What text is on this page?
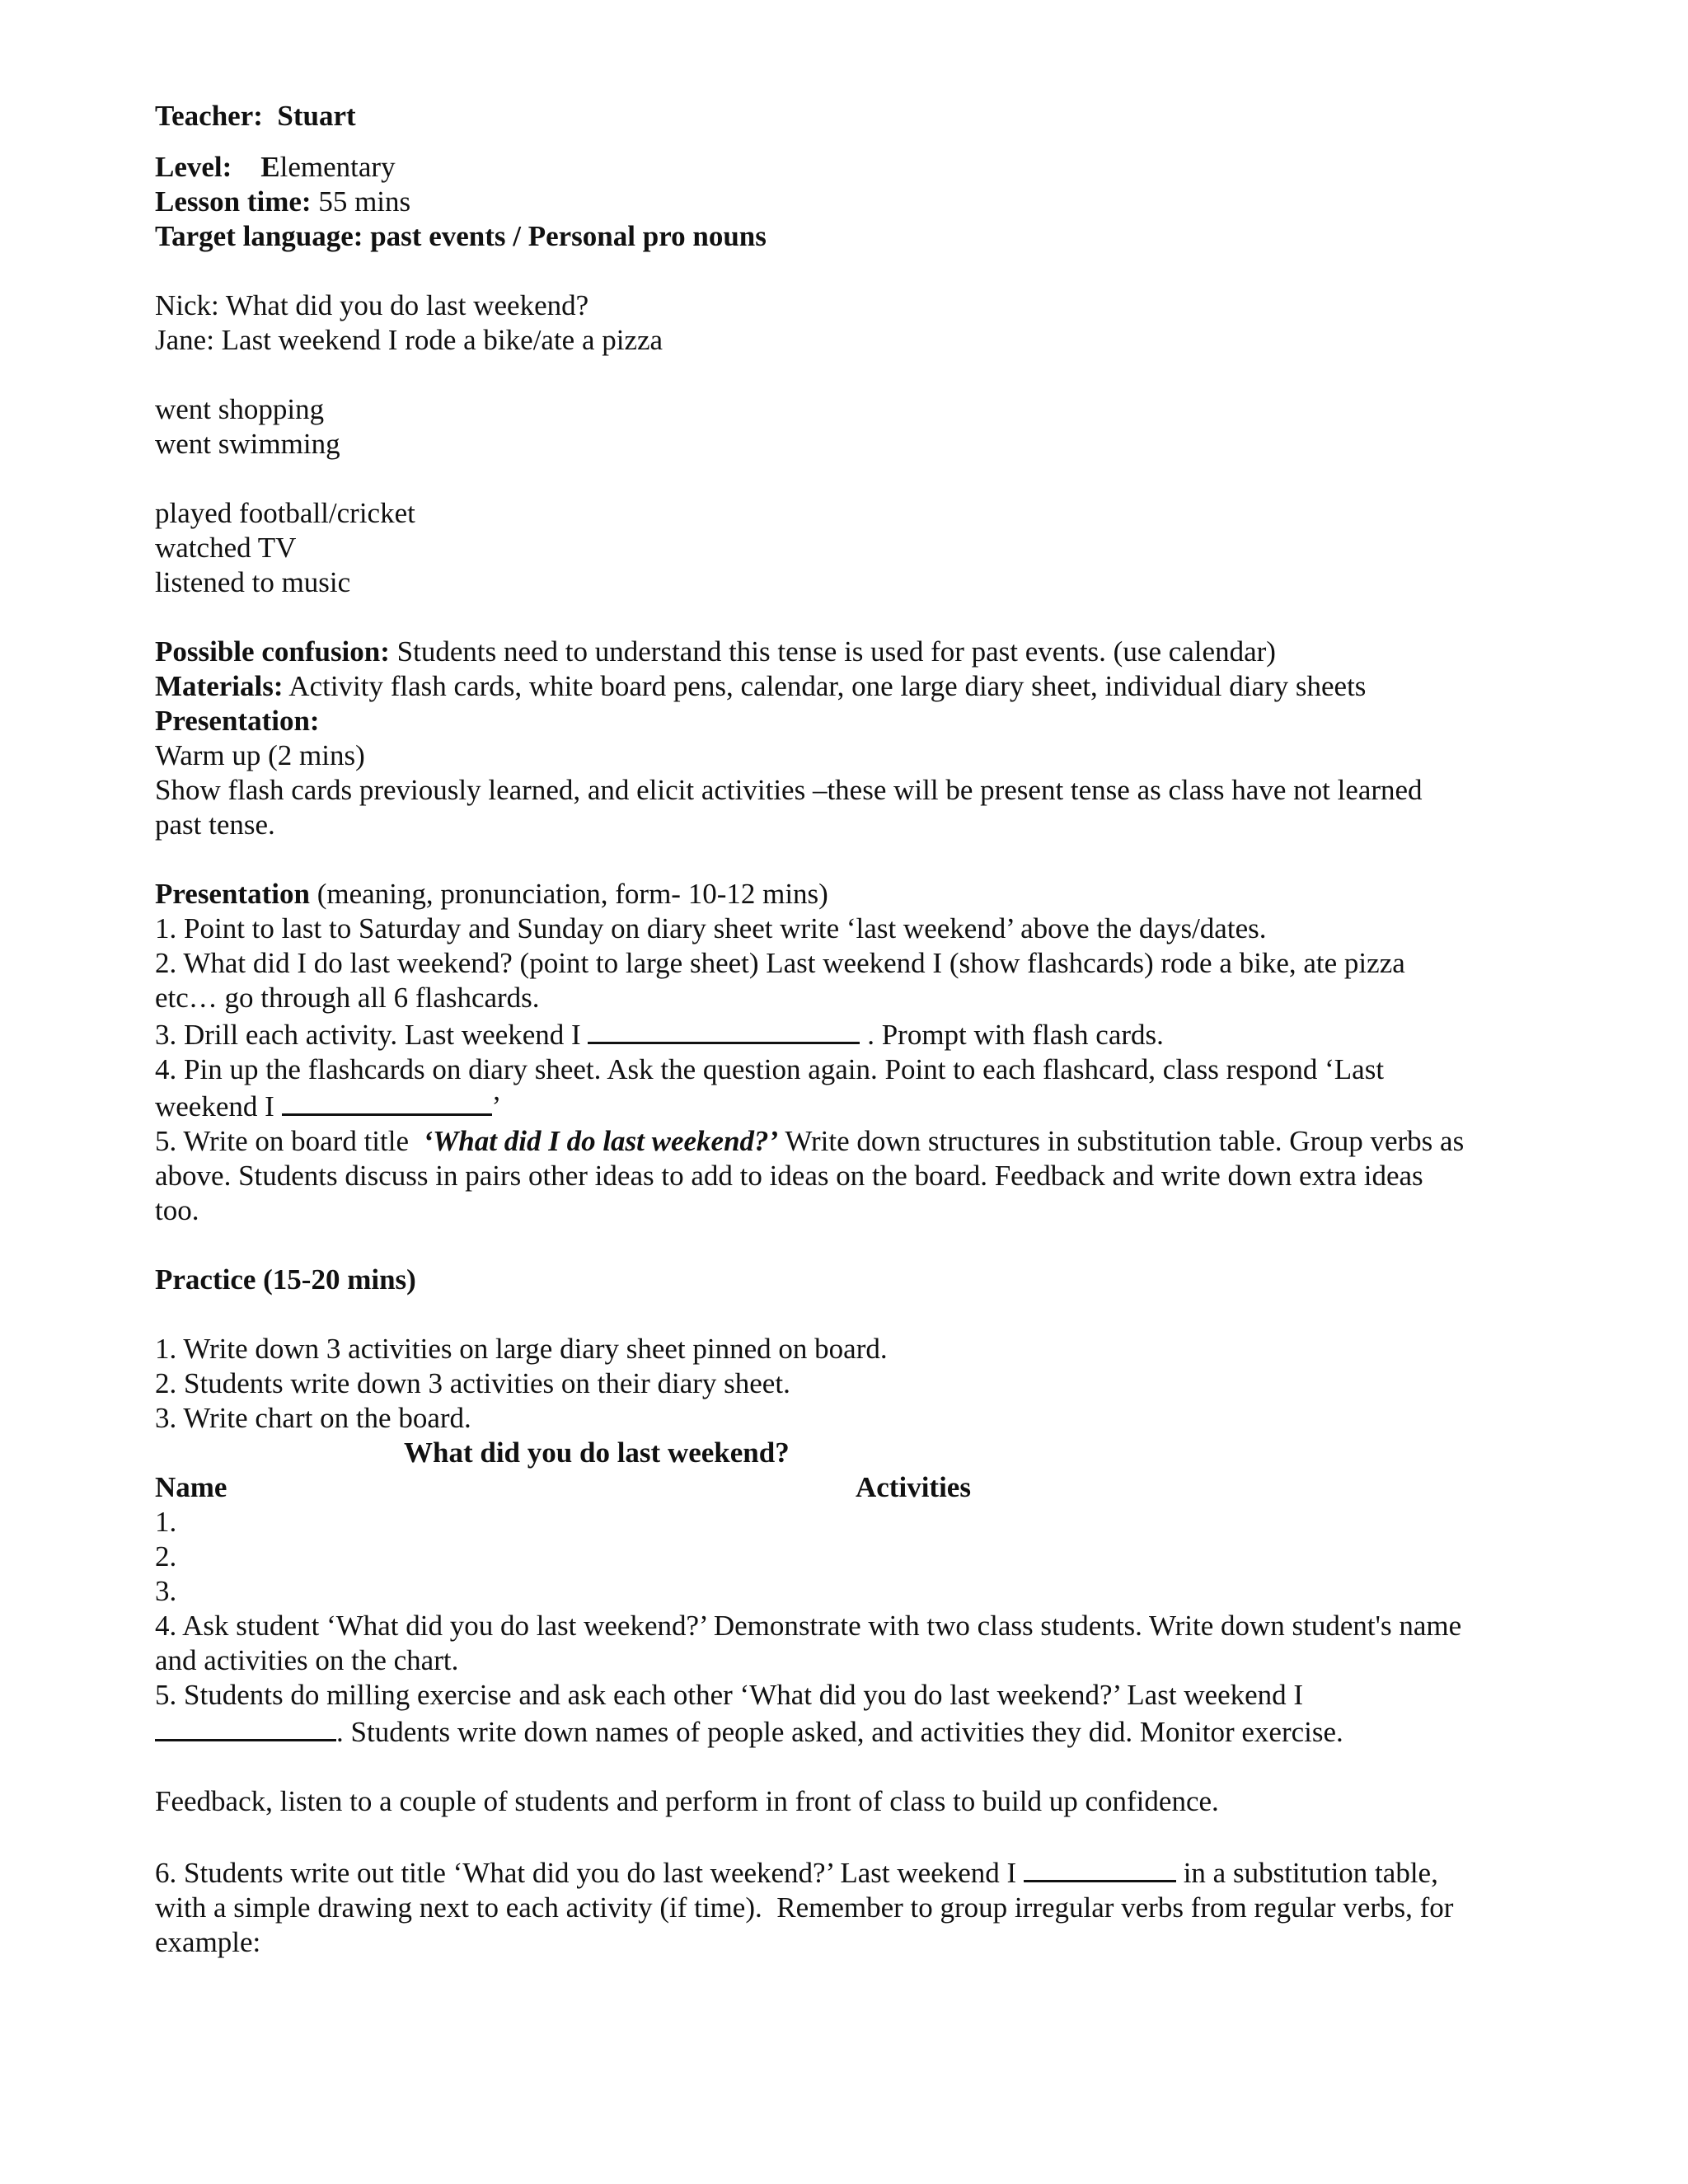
Teacher: Stuart
Level: Elementary
Lesson time: 55 mins
Target language: past events / Personal pro nouns
Nick: What did you do last weekend?
Jane: Last weekend I rode a bike/ate a pizza
went shopping
went swimming
played football/cricket
watched TV
listened to music
Possible confusion: Students need to understand this tense is used for past events. (use calendar)
Materials: Activity flash cards, white board pens, calendar, one large diary sheet, individual diary sheets
Presentation:
Warm up (2 mins)
Show flash cards previously learned, and elicit activities –these will be present tense as class have not learned
past tense.
Presentation (meaning, pronunciation, form- 10-12 mins)
1. Point to last to Saturday and Sunday on diary sheet write ‘last weekend’ above the days/dates.
2. What did I do last weekend? (point to large sheet) Last weekend I (show flashcards) rode a bike, ate pizza
etc… go through all 6 flashcards.
3. Drill each activity. Last weekend I	. Prompt with flash cards.
4. Pin up the flashcards on diary sheet. Ask the question again. Point to each flashcard, class respond ‘Last
weekend I	’
5. Write on board title  ‘What did I do last weekend?’ Write down structures in substitution table. Group verbs as
above. Students discuss in pairs other ideas to add to ideas on the board. Feedback and write down extra ideas
too.
Practice (15-20 mins)
1. Write down 3 activities on large diary sheet pinned on board.
2. Students write down 3 activities on their diary sheet.
3. Write chart on the board.
What did you do last weekend?
Name	Activities
1.
2.
3.
4. Ask student ‘What did you do last weekend?’ Demonstrate with two class students. Write down student's name
and activities on the chart.
5. Students do milling exercise and ask each other ‘What did you do last weekend?’ Last weekend I
. Students write down names of people asked, and activities they did. Monitor exercise.
Feedback, listen to a couple of students and perform in front of class to build up confidence.
6. Students write out title ‘What did you do last weekend?’ Last weekend I	in a substitution table,
with a simple drawing next to each activity (if time).  Remember to group irregular verbs from regular verbs, for
example:
